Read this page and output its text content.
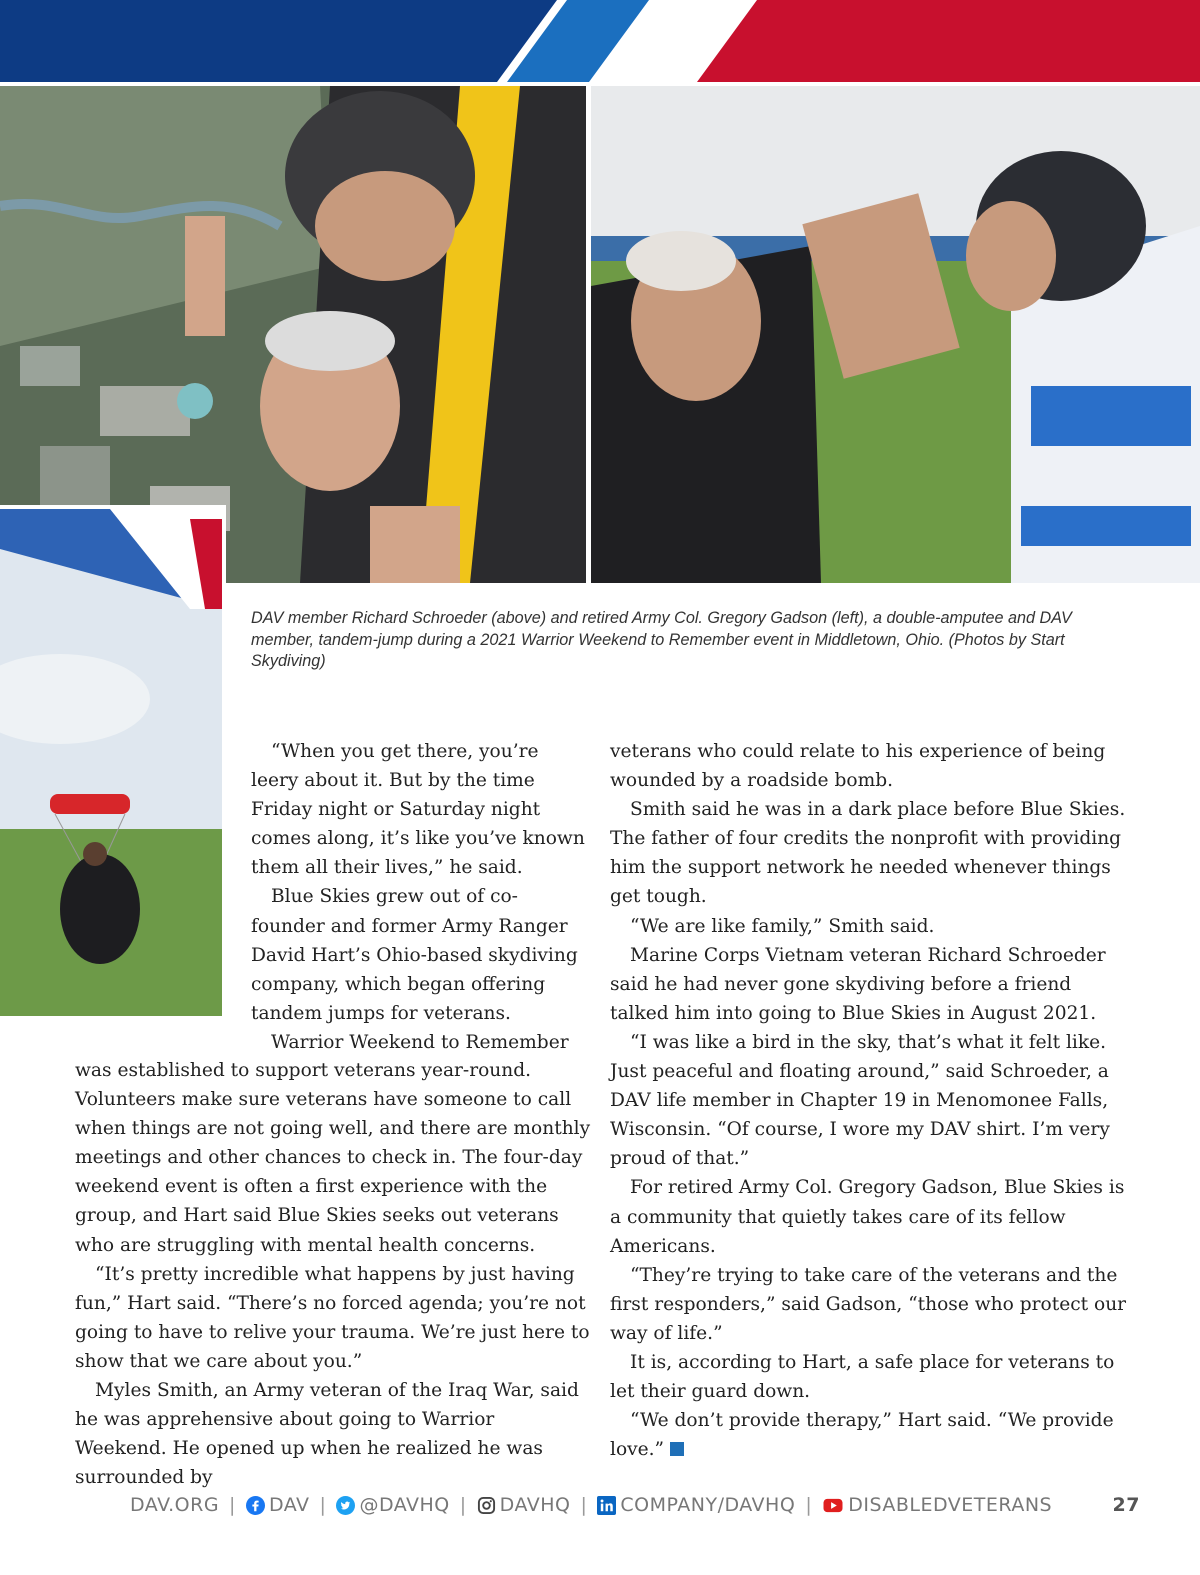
DAV member Richard Schroeder (above) and retired Army Col. Gregory Gadson (left), a double-amputee and DAV member, tandem-jump during a 2021 Warrior Weekend to Remember event in Middletown, Ohio. (Photos by Start Skydiving)

“When you get there, you’re leery about it. But by the time Friday night or Saturday night comes along, it’s like you’ve known them all their lives,” he said.

Blue Skies grew out of co-founder and former Army Ranger David Hart’s Ohio-based skydiving company, which began offering tandem jumps for veterans.

Warrior Weekend to Remember

was established to support veterans year-round. Volunteers make sure veterans have someone to call when things are not going well, and there are monthly meetings and other chances to check in. The four-day weekend event is often a first experience with the group, and Hart said Blue Skies seeks out veterans who are struggling with mental health concerns.

“It’s pretty incredible what happens by just having fun,” Hart said. “There’s no forced agenda; you’re not going to have to relive your trauma. We’re just here to show that we care about you.”

Myles Smith, an Army veteran of the Iraq War, said he was apprehensive about going to Warrior Weekend. He opened up when he realized he was surrounded by

veterans who could relate to his experience of being wounded by a roadside bomb.

Smith said he was in a dark place before Blue Skies. The father of four credits the nonprofit with providing him the support network he needed whenever things get tough.

“We are like family,” Smith said.

Marine Corps Vietnam veteran Richard Schroeder said he had never gone skydiving before a friend talked him into going to Blue Skies in August 2021.

“I was like a bird in the sky, that’s what it felt like. Just peaceful and floating around,” said Schroeder, a DAV life member in Chapter 19 in Menomonee Falls, Wisconsin. “Of course, I wore my DAV shirt. I’m very proud of that.”

For retired Army Col. Gregory Gadson, Blue Skies is a community that quietly takes care of its fellow Americans.

“They’re trying to take care of the veterans and the first responders,” said Gadson, “those who protect our way of life.”

It is, according to Hart, a safe place for veterans to let their guard down.

“We don’t provide therapy,” Hart said. “We provide love.”

DAV.ORG | DAV | @DAVHQ | DAVHQ | COMPANY/DAVHQ | DISABLEDVETERANS	27
